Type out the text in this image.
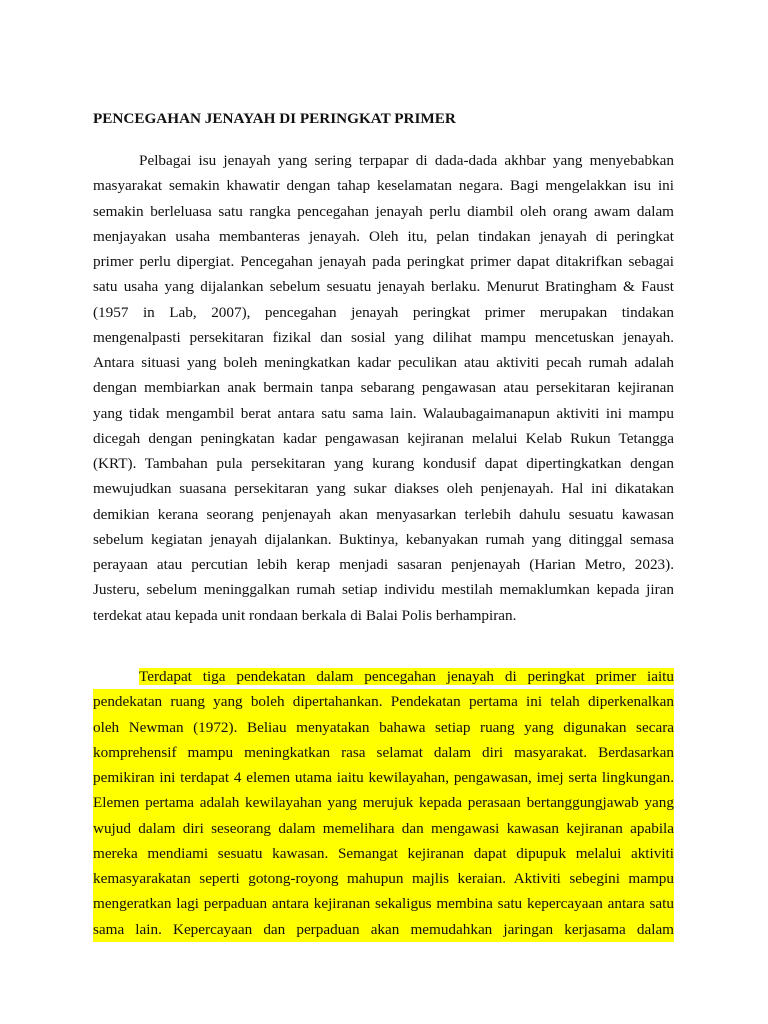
PENCEGAHAN JENAYAH DI PERINGKAT PRIMER
Pelbagai isu jenayah yang sering terpapar di dada-dada akhbar yang menyebabkan
masyarakat semakin khawatir dengan tahap keselamatan negara. Bagi mengelakkan isu ini
semakin berleluasa satu rangka pencegahan jenayah perlu diambil oleh orang awam dalam
menjayakan usaha membanteras jenayah. Oleh itu, pelan tindakan jenayah di peringkat
primer perlu dipergiat. Pencegahan jenayah pada peringkat primer dapat ditakrifkan sebagai
satu usaha yang dijalankan sebelum sesuatu jenayah berlaku. Menurut Bratingham & Faust
(1957 in Lab, 2007), pencegahan jenayah peringkat primer merupakan tindakan
mengenalpasti persekitaran fizikal dan sosial yang dilihat mampu mencetuskan jenayah.
Antara situasi yang boleh meningkatkan kadar peculikan atau aktiviti pecah rumah adalah
dengan membiarkan anak bermain tanpa sebarang pengawasan atau persekitaran kejiranan
yang tidak mengambil berat antara satu sama lain. Walaubagaimanapun aktiviti ini mampu
dicegah dengan peningkatan kadar pengawasan kejiranan melalui Kelab Rukun Tetangga
(KRT). Tambahan pula persekitaran yang kurang kondusif dapat dipertingkatkan dengan
mewujudkan suasana persekitaran yang sukar diakses oleh penjenayah. Hal ini dikatakan
demikian kerana seorang penjenayah akan menyasarkan terlebih dahulu sesuatu kawasan
sebelum kegiatan jenayah dijalankan. Buktinya, kebanyakan rumah yang ditinggal semasa
perayaan atau percutian lebih kerap menjadi sasaran penjenayah (Harian Metro, 2023).
Justeru, sebelum meninggalkan rumah setiap individu mestilah memaklumkan kepada jiran
terdekat atau kepada unit rondaan berkala di Balai Polis berhampiran.
Terdapat tiga pendekatan dalam pencegahan jenayah di peringkat primer iaitu
pendekatan ruang yang boleh dipertahankan. Pendekatan pertama ini telah diperkenalkan
oleh Newman (1972). Beliau menyatakan bahawa setiap ruang yang digunakan secara
komprehensif mampu meningkatkan rasa selamat dalam diri masyarakat. Berdasarkan
pemikiran ini terdapat 4 elemen utama iaitu kewilayahan, pengawasan, imej serta lingkungan.
Elemen pertama adalah kewilayahan yang merujuk kepada perasaan bertanggungjawab yang
wujud dalam diri seseorang dalam memelihara dan mengawasi kawasan kejiranan apabila
mereka mendiami sesuatu kawasan. Semangat kejiranan dapat dipupuk melalui aktiviti
kemasyarakatan seperti gotong-royong mahupun majlis keraian. Aktiviti sebegini mampu
mengeratkan lagi perpaduan antara kejiranan sekaligus membina satu kepercayaan antara satu
sama lain. Kepercayaan dan perpaduan akan memudahkan jaringan kerjasama dalam
